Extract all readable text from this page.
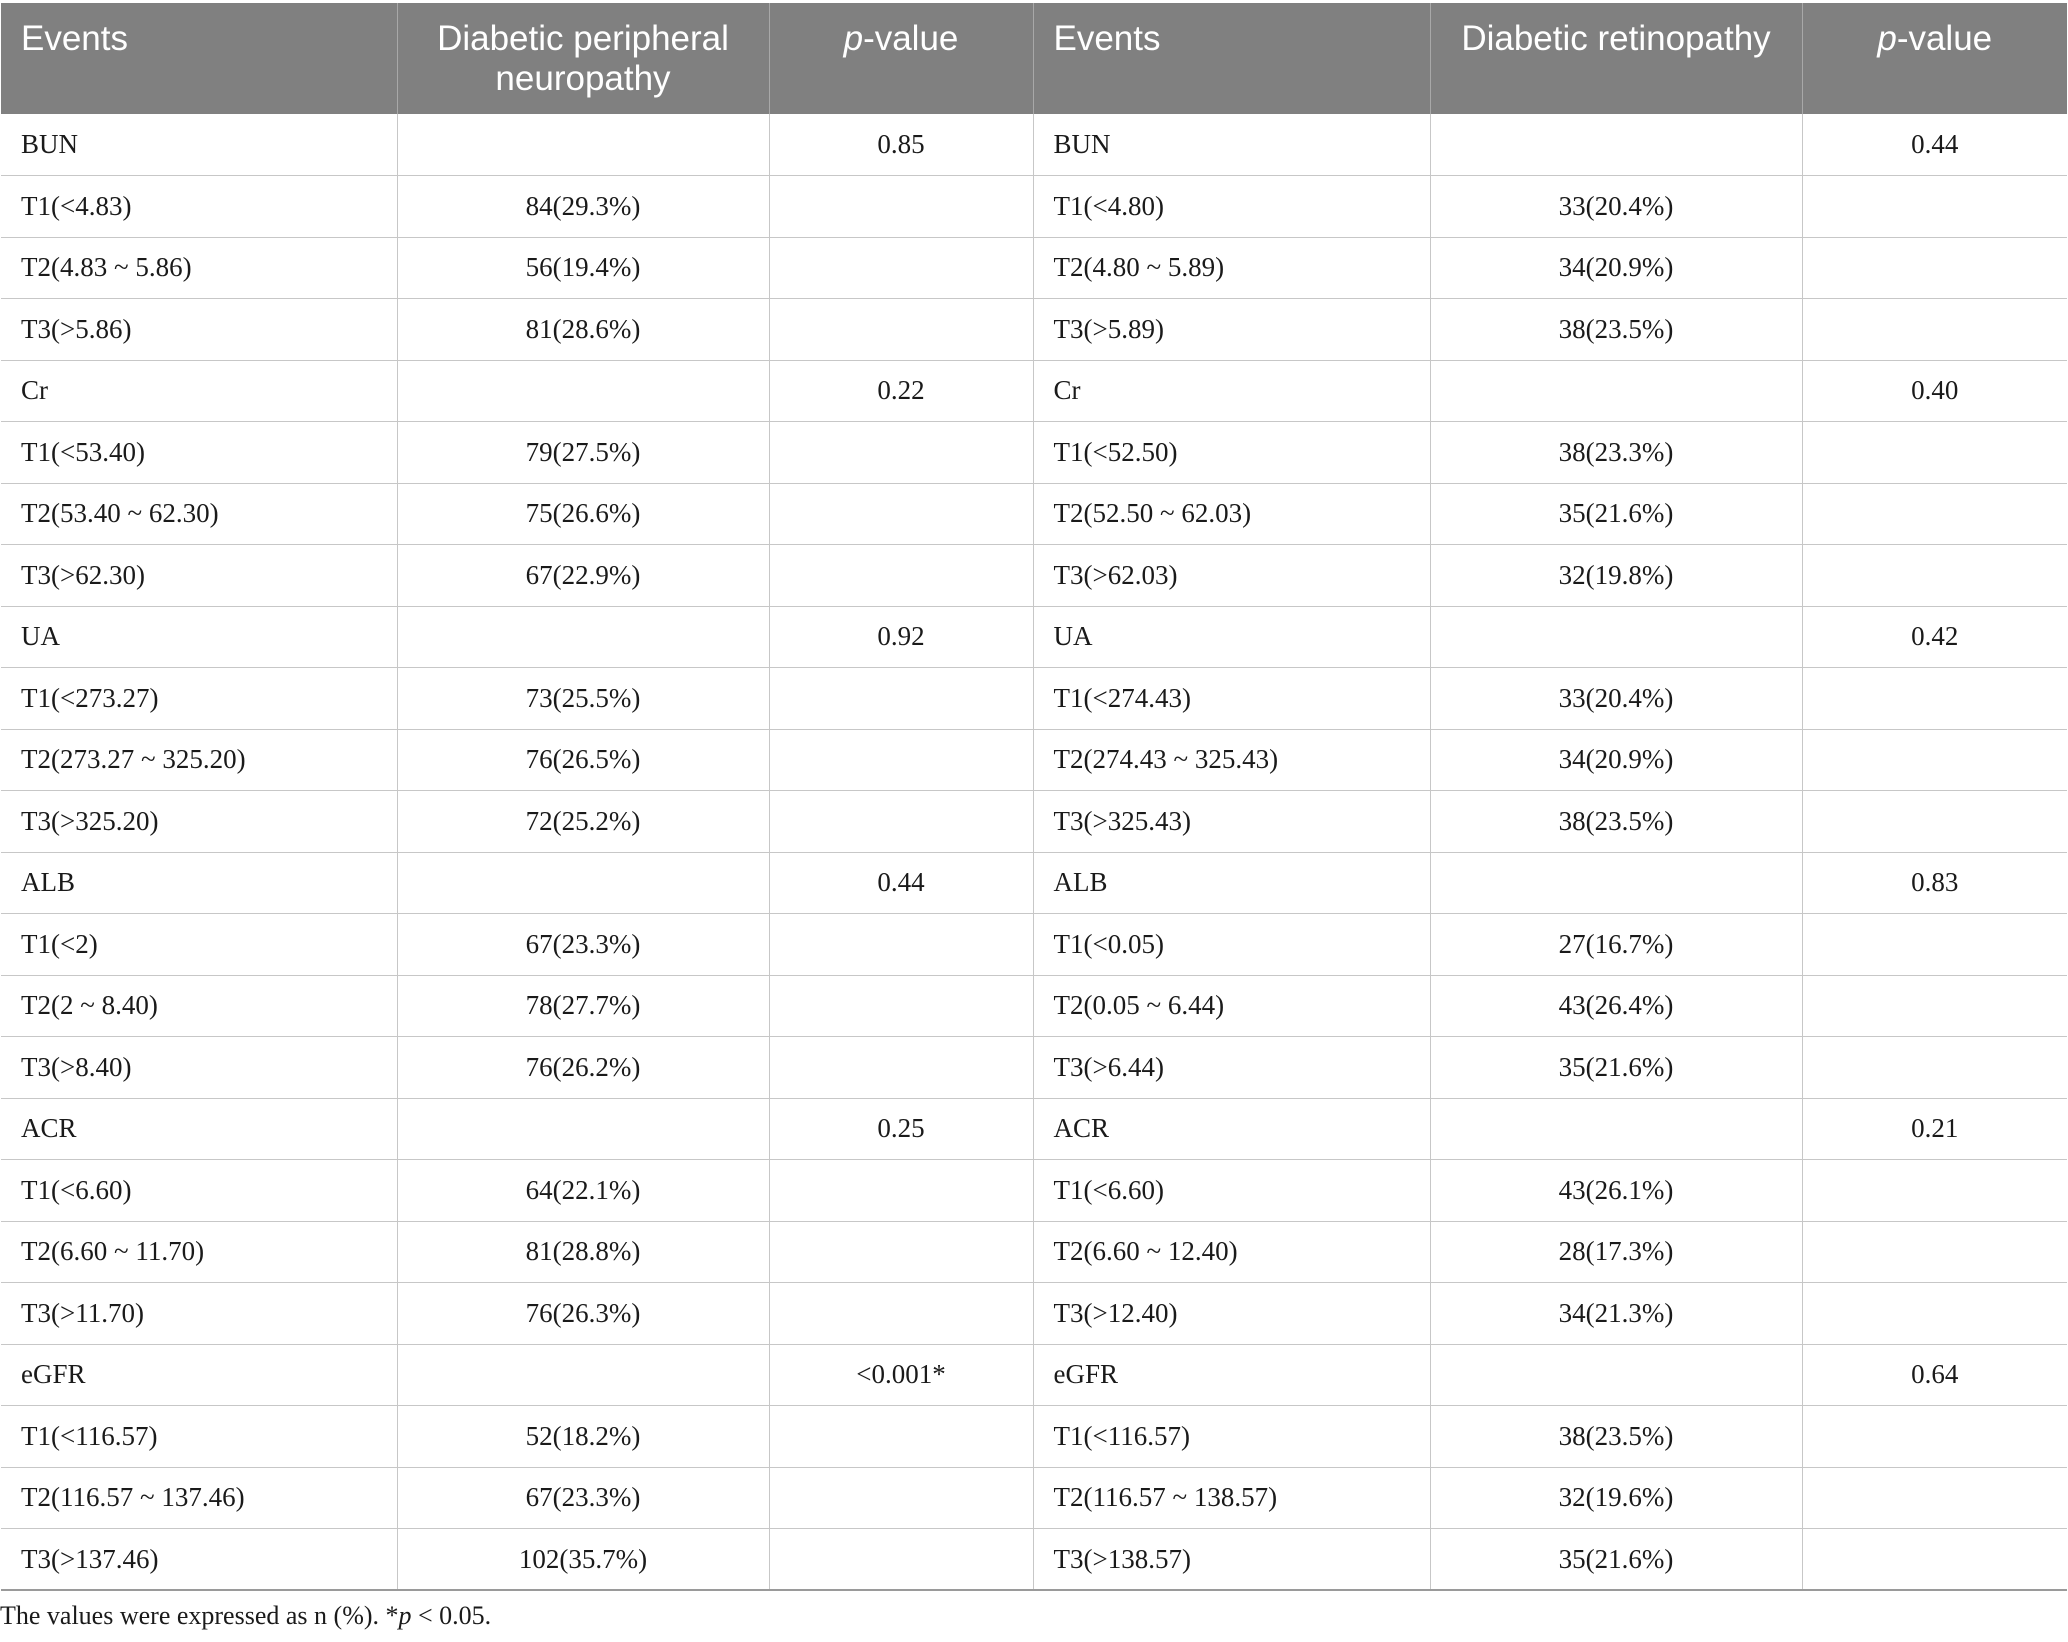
Events	Diabetic peripheral neuropathy	p-value	Events	Diabetic retinopathy	p-value
BUN		0.85	BUN		0.44
T1(<4.83)	84(29.3%)		T1(<4.80)	33(20.4%)	
T2(4.83 ~ 5.86)	56(19.4%)		T2(4.80 ~ 5.89)	34(20.9%)	
T3(>5.86)	81(28.6%)		T3(>5.89)	38(23.5%)	
Cr		0.22	Cr		0.40
T1(<53.40)	79(27.5%)		T1(<52.50)	38(23.3%)	
T2(53.40 ~ 62.30)	75(26.6%)		T2(52.50 ~ 62.03)	35(21.6%)	
T3(>62.30)	67(22.9%)		T3(>62.03)	32(19.8%)	
UA		0.92	UA		0.42
T1(<273.27)	73(25.5%)		T1(<274.43)	33(20.4%)	
T2(273.27 ~ 325.20)	76(26.5%)		T2(274.43 ~ 325.43)	34(20.9%)	
T3(>325.20)	72(25.2%)		T3(>325.43)	38(23.5%)	
ALB		0.44	ALB		0.83
T1(<2)	67(23.3%)		T1(<0.05)	27(16.7%)	
T2(2 ~ 8.40)	78(27.7%)		T2(0.05 ~ 6.44)	43(26.4%)	
T3(>8.40)	76(26.2%)		T3(>6.44)	35(21.6%)	
ACR		0.25	ACR		0.21
T1(<6.60)	64(22.1%)		T1(<6.60)	43(26.1%)	
T2(6.60 ~ 11.70)	81(28.8%)		T2(6.60 ~ 12.40)	28(17.3%)	
T3(>11.70)	76(26.3%)		T3(>12.40)	34(21.3%)	
eGFR		<0.001*	eGFR		0.64
T1(<116.57)	52(18.2%)		T1(<116.57)	38(23.5%)	
T2(116.57 ~ 137.46)	67(23.3%)		T2(116.57 ~ 138.57)	32(19.6%)	
T3(>137.46)	102(35.7%)		T3(>138.57)	35(21.6%)	
The values were expressed as n (%). *p < 0.05.
